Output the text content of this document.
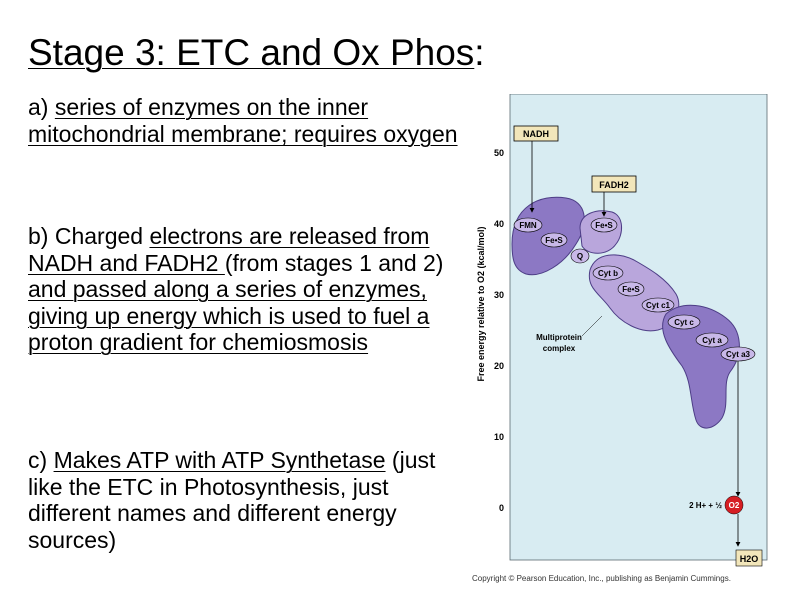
Stage 3: ETC and Ox Phos:
a) series of enzymes on the inner mitochondrial membrane; requires oxygen
b) Charged electrons are released from NADH and FADH2 (from stages 1 and 2) and passed along a series of enzymes, giving up energy which is used to fuel a proton gradient for chemiosmosis
c) Makes ATP with ATP Synthetase (just like the ETC in Photosynthesis, just different names and different energy sources)
Free energy relative to O2 (kcal/mol)
50
40
30
20
10
0
NADH
FADH2
FMN
Fe•S
Fe•S
Q
Cyt b
Fe•S
Cyt c1
Cyt c
Cyt a
Cyt a3
Multiprotein
complex
2 H+ + ½ O2
H2O
Copyright © Pearson Education, Inc., publishing as Benjamin Cummings.
